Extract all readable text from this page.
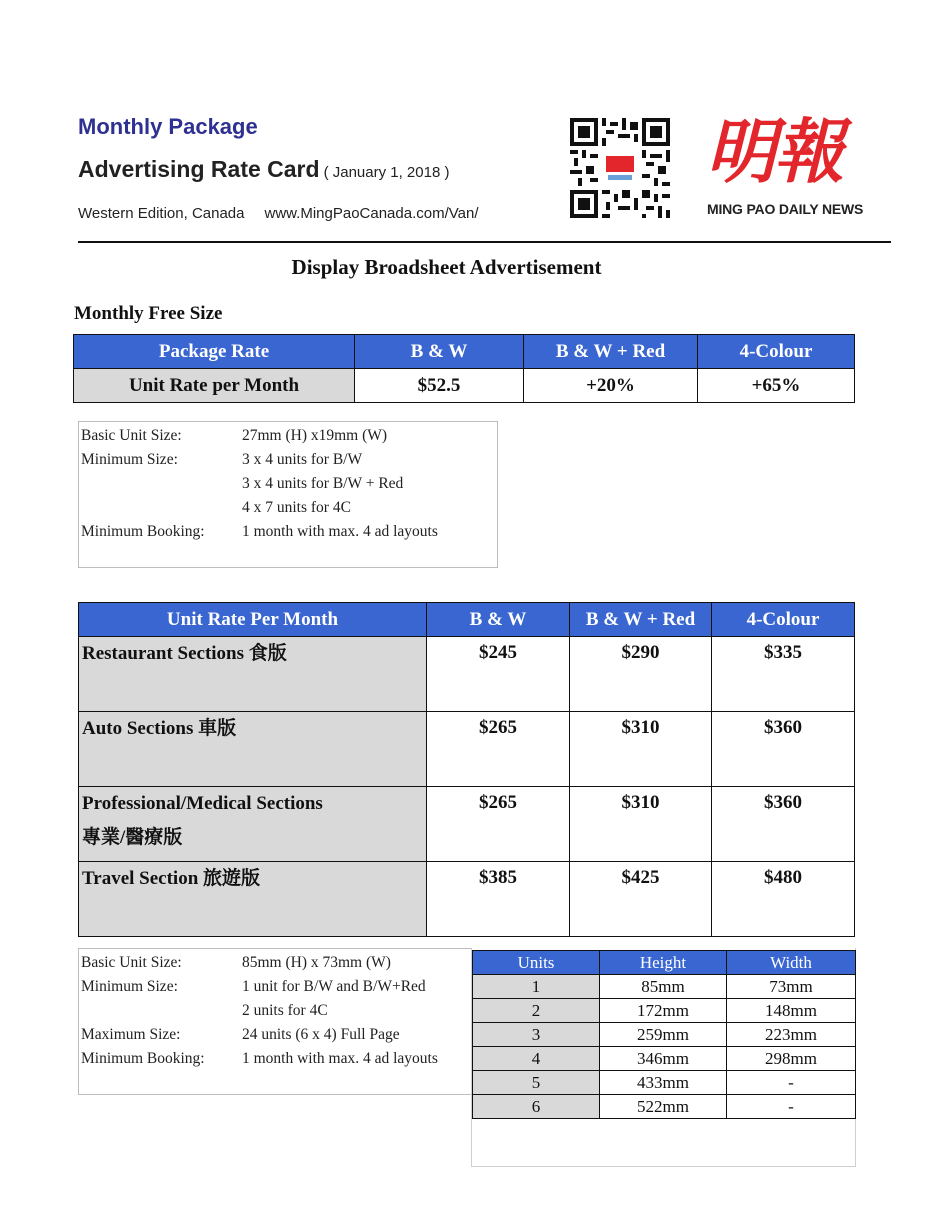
Monthly Package
Advertising Rate Card ( January 1, 2018 )
Western Edition, Canada www.MingPaoCanada.com/Van/
明報
MING PAO DAILY NEWS
Display Broadsheet Advertisement
Monthly Free Size
Package Rate	B & W	B & W + Red	4-Colour
Unit Rate per Month	$52.5	+20%	+65%
Basic Unit Size:	27mm (H) x19mm (W)
Minimum Size:	3 x 4 units for B/W
3 x 4 units for B/W + Red
4 x 7 units for 4C
Minimum Booking: 1 month with max. 4 ad layouts
Unit Rate Per Month	B & W	B & W + Red	4-Colour
Restaurant Sections 食版	$245	$290	$335
Auto Sections 車版	$265	$310	$360

Professional/Medical Sections
專業/醫療版	$265	$310	$360
Travel Section 旅遊版	$385	$425	$480
Basic Unit Size:	85mm (H) x 73mm (W)
Minimum Size:	1 unit for B/W and B/W+Red
2 units for 4C
Maximum Size:	24 units (6 x 4) Full Page
Minimum Booking: 1 month with max. 4 ad layouts
Units	Height	Width
1	85mm	73mm
2	172mm	148mm
3	259mm	223mm
4	346mm	298mm
5	433mm	-
6	522mm	-
